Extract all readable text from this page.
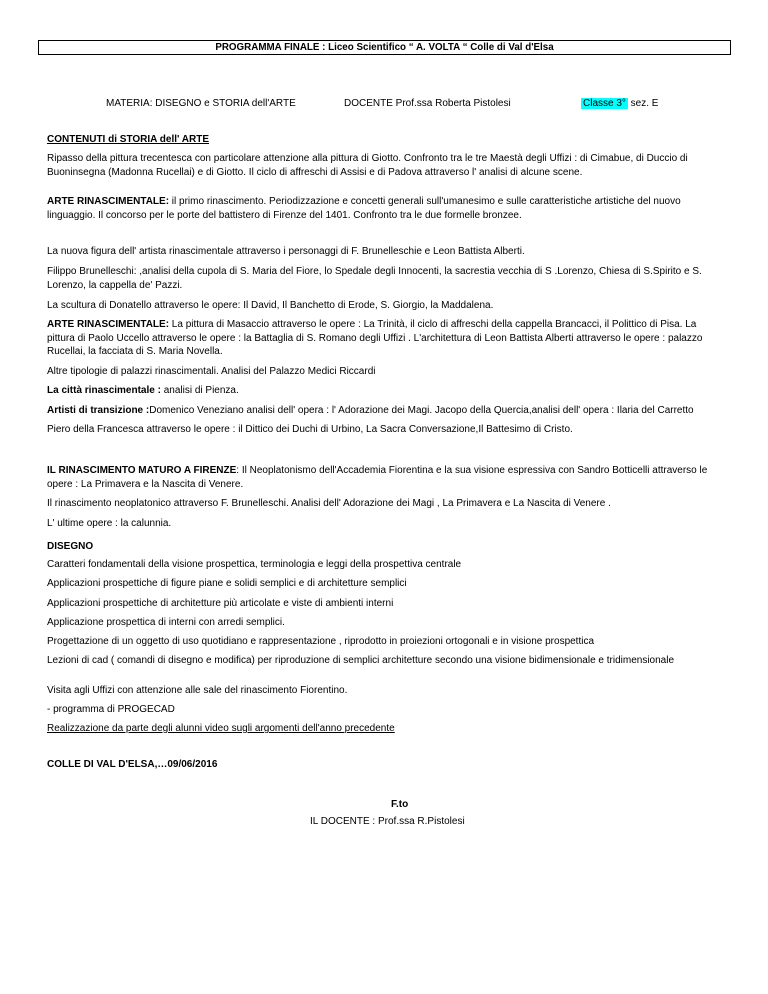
PROGRAMMA FINALE : Liceo Scientifico “ A. VOLTA “ Colle di Val d'Elsa
MATERIA: DISEGNO e STORIA dell'ARTE	DOCENTE Prof.ssa Roberta Pistolesi	Classe 3° sez. E
CONTENUTI di STORIA dell' ARTE
Ripasso della pittura trecentesca con particolare attenzione alla pittura di Giotto. Confronto tra le tre Maestà degli Uffizi : di Cimabue, di Duccio di Buoninsegna (Madonna Rucellai) e di Giotto. Il ciclo di affreschi di Assisi e di Padova attraverso l' analisi di alcune scene.
ARTE RINASCIMENTALE: il primo rinascimento. Periodizzazione e concetti generali sull'umanesimo e sulle caratteristiche artistiche del nuovo linguaggio. Il concorso per le porte del battistero di Firenze del 1401. Confronto tra le due formelle bronzee.
La nuova figura dell' artista rinascimentale attraverso i personaggi di F. Brunelleschie e Leon Battista Alberti.
Filippo Brunelleschi: ,analisi della cupola di S. Maria del Fiore, lo Spedale degli Innocenti, la sacrestia vecchia di S .Lorenzo, Chiesa di S.Spirito e S. Lorenzo, la cappella de' Pazzi.
La scultura di Donatello attraverso le opere: Il David, Il Banchetto di Erode, S. Giorgio, la Maddalena.
ARTE RINASCIMENTALE: La pittura di Masaccio attraverso le opere : La Trinità, il ciclo di affreschi della cappella Brancacci, il Polittico di Pisa. La pittura di Paolo Uccello attraverso le opere : la Battaglia di S. Romano degli Uffizi . L'architettura di Leon Battista Alberti attraverso le opere : palazzo Rucellai, la facciata di S. Maria Novella.
Altre tipologie di palazzi rinascimentali. Analisi del Palazzo Medici Riccardi
La città rinascimentale : analisi di Pienza.
Artisti di transizione :Domenico Veneziano analisi dell' opera : l' Adorazione dei Magi. Jacopo della Quercia,analisi dell' opera : Ilaria del Carretto
Piero della Francesca attraverso le opere : il Dittico dei Duchi di Urbino, La Sacra Conversazione,Il Battesimo di Cristo.
IL RINASCIMENTO MATURO A FIRENZE: Il Neoplatonismo dell'Accademia Fiorentina e la sua visione espressiva con Sandro Botticelli attraverso le opere : La Primavera e la Nascita di Venere.
Il rinascimento neoplatonico attraverso F. Brunelleschi. Analisi dell' Adorazione dei Magi , La Primavera e La Nascita di Venere .
L' ultime opere : la calunnia.
DISEGNO
Caratteri fondamentali della visione prospettica, terminologia e leggi della prospettiva centrale
Applicazioni prospettiche di figure piane e solidi semplici e di architetture semplici
Applicazioni prospettiche di architetture più articolate e viste di ambienti interni
Applicazione prospettica di interni con arredi semplici.
Progettazione di un oggetto di uso quotidiano e rappresentazione , riprodotto in proiezioni ortogonali e in visione prospettica
Lezioni di cad ( comandi di disegno e modifica) per riproduzione di semplici architetture secondo una visione bidimensionale e tridimensionale
Visita agli Uffizi con attenzione alle sale del rinascimento Fiorentino.
- programma di PROGECAD
Realizzazione da parte degli alunni video sugli argomenti dell'anno precedente
COLLE DI VAL D'ELSA,…09/06/2016
F.to
IL DOCENTE : Prof.ssa R.Pistolesi
